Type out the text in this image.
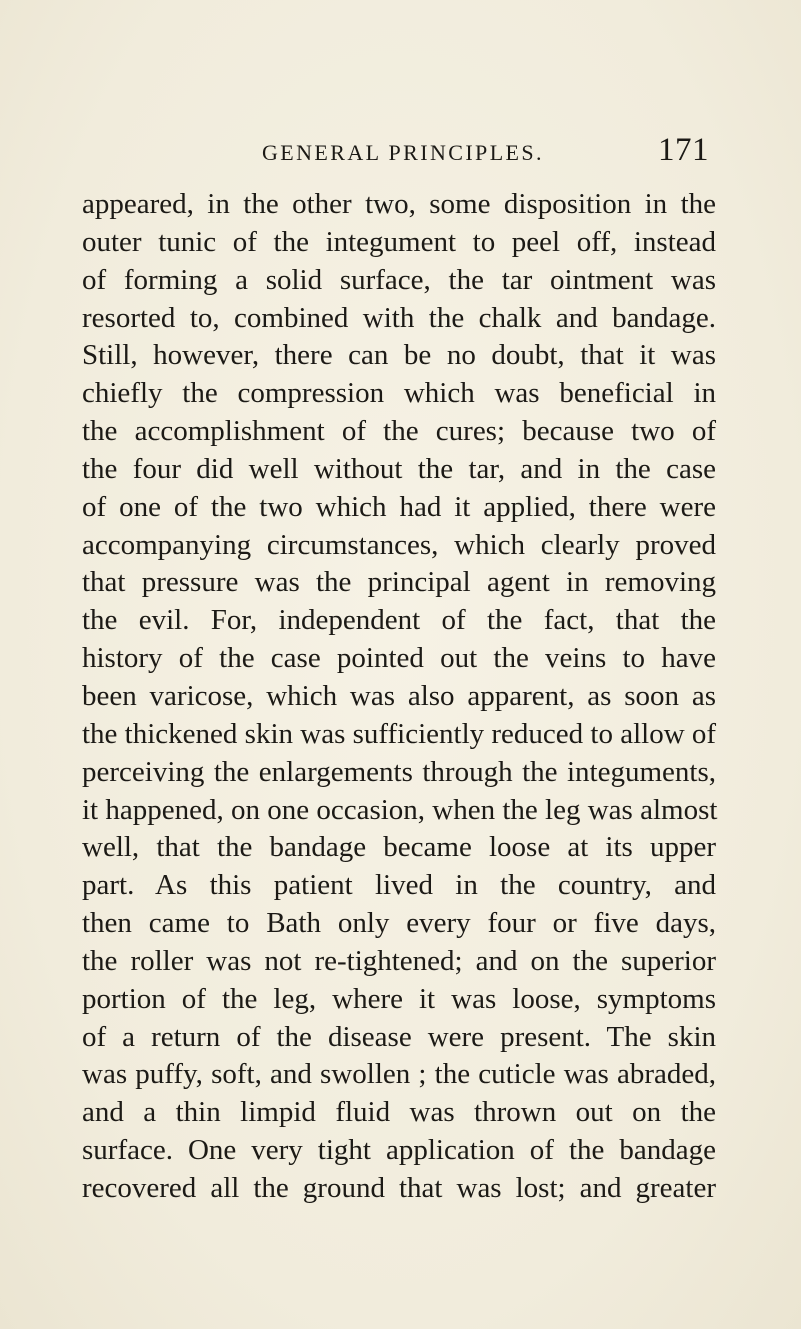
GENERAL PRINCIPLES.	171
appeared, in the other two, some disposition in the
outer tunic of the integument to peel off, instead
of forming a solid surface, the tar ointment was
resorted to, combined with the chalk and bandage.
Still, however, there can be no doubt, that it was
chiefly the compression which was beneficial in
the accomplishment of the cures; because two of
the four did well without the tar, and in the case
of one of the two which had it applied, there were
accompanying circumstances, which clearly proved
that pressure was the principal agent in removing
the evil. For, independent of the fact, that the
history of the case pointed out the veins to have
been varicose, which was also apparent, as soon as
the thickened skin was sufficiently reduced to allow of
perceiving the enlargements through the integuments,
it happened, on one occasion, when the leg was almost
well, that the bandage became loose at its upper
part. As this patient lived in the country, and
then came to Bath only every four or five days,
the roller was not re-tightened; and on the superior
portion of the leg, where it was loose, symptoms
of a return of the disease were present. The skin
was puffy, soft, and swollen ; the cuticle was abraded,
and a thin limpid fluid was thrown out on the
surface. One very tight application of the bandage
recovered all the ground that was lost; and greater
